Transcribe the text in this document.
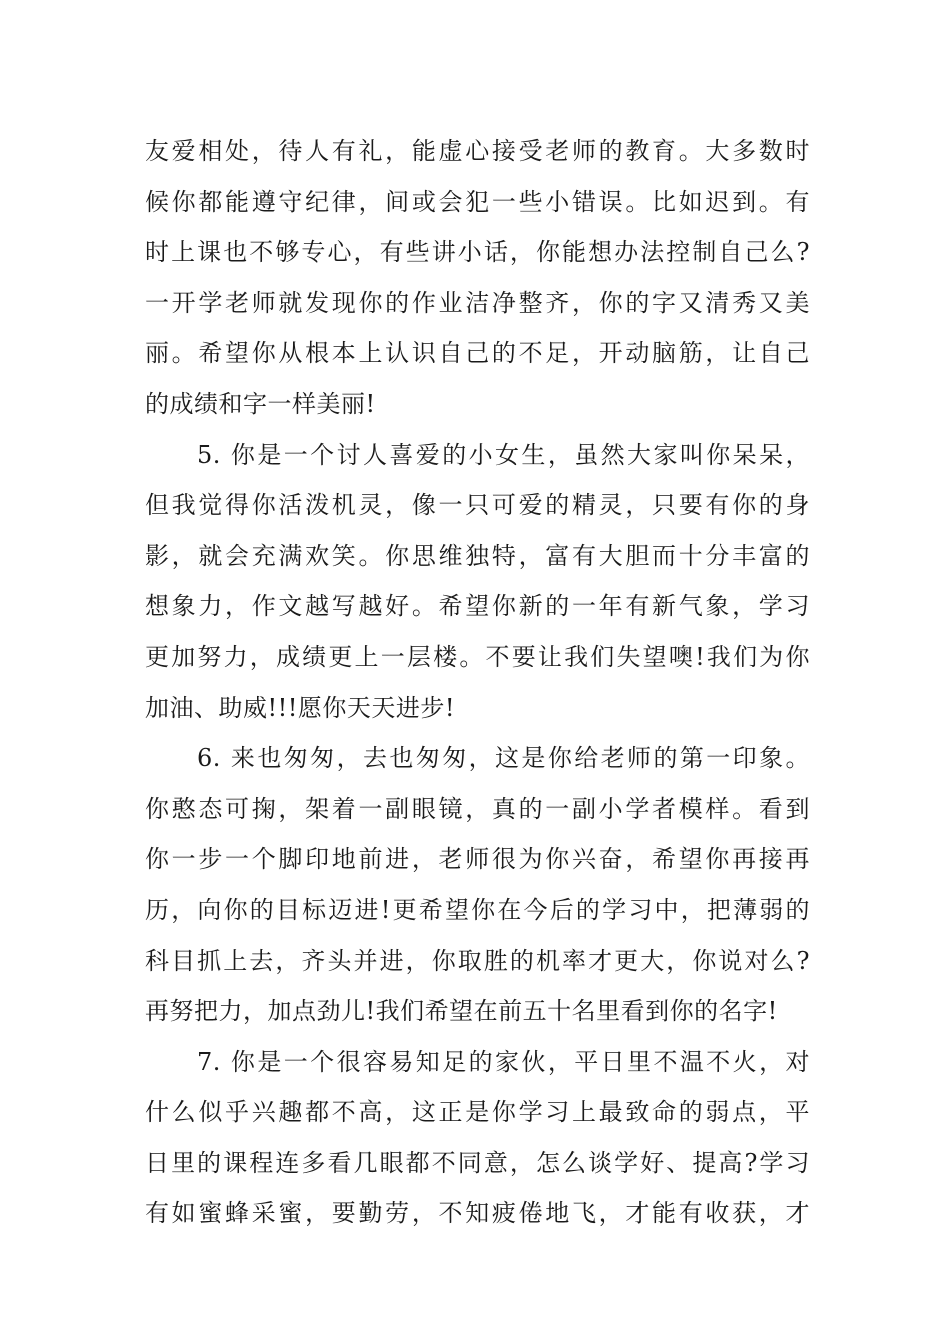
友爱相处，待人有礼，能虚心接受老师的教育。大多数时
候你都能遵守纪律，间或会犯一些小错误。比如迟到。有
时上课也不够专心，有些讲小话，你能想办法控制自己么?
一开学老师就发现你的作业洁净整齐，你的字又清秀又美
丽。希望你从根本上认识自己的不足，开动脑筋，让自己
的成绩和字一样美丽!
5. 你是一个讨人喜爱的小女生，虽然大家叫你呆呆，
但我觉得你活泼机灵，像一只可爱的精灵，只要有你的身
影，就会充满欢笑。你思维独特，富有大胆而十分丰富的
想象力，作文越写越好。希望你新的一年有新气象，学习
更加努力，成绩更上一层楼。不要让我们失望噢!我们为你
加油、助威!!!愿你天天进步!
6. 来也匆匆，去也匆匆，这是你给老师的第一印象。
你憨态可掬，架着一副眼镜，真的一副小学者模样。看到
你一步一个脚印地前进，老师很为你兴奋，希望你再接再
历，向你的目标迈进!更希望你在今后的学习中，把薄弱的
科目抓上去，齐头并进，你取胜的机率才更大，你说对么?
再努把力，加点劲儿!我们希望在前五十名里看到你的名字!
7. 你是一个很容易知足的家伙，平日里不温不火，对
什么似乎兴趣都不高，这正是你学习上最致命的弱点，平
日里的课程连多看几眼都不同意，怎么谈学好、提高?学习
有如蜜蜂采蜜，要勤劳，不知疲倦地飞，才能有收获，才
